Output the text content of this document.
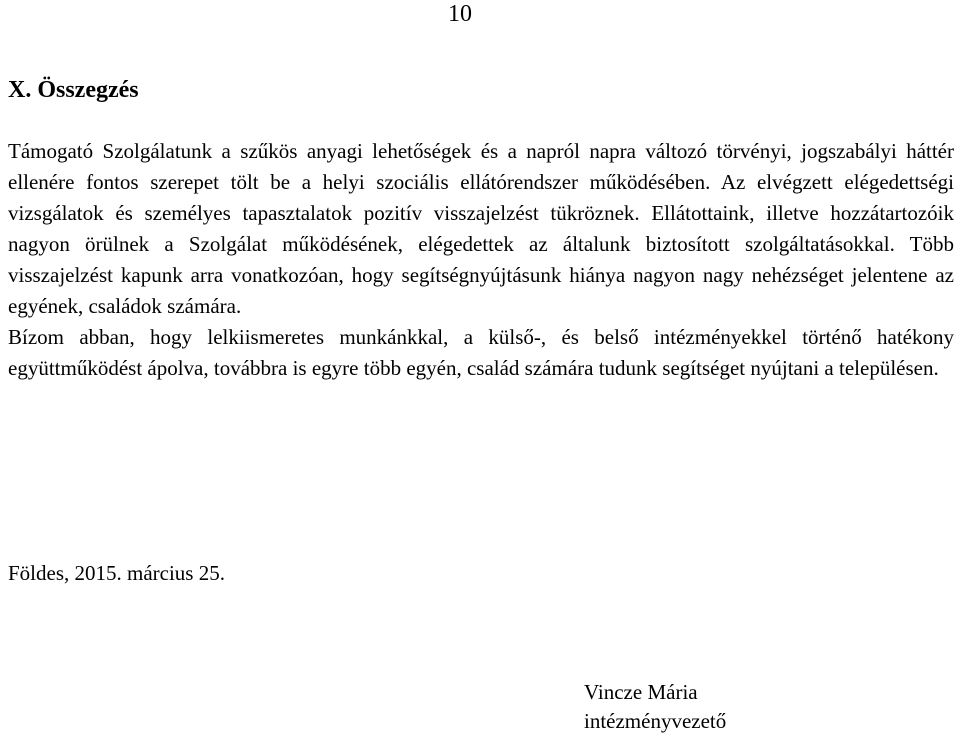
10
X. Összegzés

Támogató Szolgálatunk a szűkös anyagi lehetőségek és a napról napra változó törvényi, jogszabályi háttér ellenére fontos szerepet tölt be a helyi szociális ellátórendszer működésében. Az elvégzett elégedettségi vizsgálatok és személyes tapasztalatok pozitív visszajelzést tükröznek. Ellátottaink, illetve hozzátartozóik nagyon örülnek a Szolgálat működésének, elégedettek az általunk biztosított szolgáltatásokkal. Több visszajelzést kapunk arra vonatkozóan, hogy segítségnyújtásunk hiánya nagyon nagy nehézséget jelentene az egyének, családok számára.

Bízom abban, hogy lelkiismeretes munkánkkal, a külső-, és belső intézményekkel történő hatékony együttműködést ápolva, továbbra is egyre több egyén, család számára tudunk segítséget nyújtani a településen.

Földes, 2015. március 25.
Vincze Mária
intézményvezető
